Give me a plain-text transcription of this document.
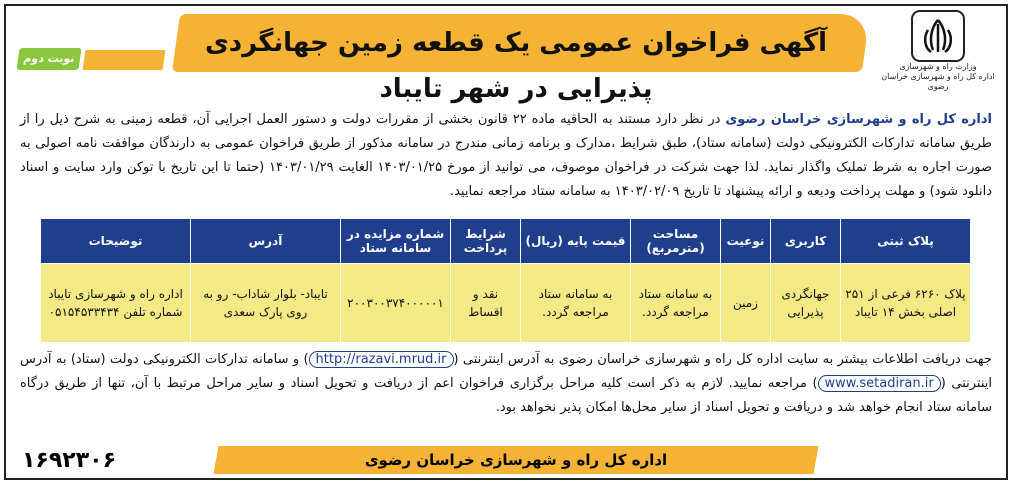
آگهی فراخوان عمومی یک قطعه زمین جهانگردی پذیرایی در شهر تایباد
نوبت دوم
وزارت راه و شهرسازی
اداره کل راه و شهرسازی خراسان رضوی
اداره کل راه و شهرسازی خراسان رضوی در نظر دارد مستند به الحاقیه ماده ۲۲ قانون بخشی از مقررات دولت و دستور العمل اجرایی آن، قطعه زمینی به شرح ذیل را از طریق سامانه تدارکات الکترونیکی دولت (سامانه ستاد)، طبق شرایط ،مدارک و برنامه زمانی مندرج در سامانه مذکور از طریق فراخوان عمومی به دارندگان موافقت نامه اصولی به صورت اجاره به شرط تملیک واگذار نماید. لذا جهت شرکت در فراخوان موصوف، می توانید از مورخ ۱۴۰۳/۰۱/۲۵ الغایت ۱۴۰۳/۰۱/۲۹ (حتما تا این تاریخ با توکن وارد سایت و اسناد دانلود شود) و مهلت پرداخت ودیعه و ارائه پیشنهاد تا تاریخ ۱۴۰۳/۰۲/۰۹ به سامانه ستاد مراجعه نمایید.
پلاک ثبتی	کاربری	نوعیت	مساحت (مترمربع)	قیمت پایه (ریال)	شرایط پرداخت	شماره مزایده در سامانه ستاد	آدرس	توضیحات
پلاک ۶۲۶۰ فرعی از ۲۵۱ اصلی بخش ۱۴ تایباد	جهانگردی پذیرایی	زمین	به سامانه ستاد مراجعه گردد.	به سامانه ستاد مراجعه گردد.	نقد و اقساط	۲۰۰۳۰۰۳۷۴۰۰۰۰۰۱	تایباد- بلوار شاداب- رو به روی پارک سعدی	اداره راه و شهرسازی تایباد شماره تلفن ۰۵۱۵۴۵۳۳۴۳۴
جهت دریافت اطلاعات بیشتر به سایت اداره کل راه و شهرسازی خراسان رضوی به آدرس اینترنتی (http://razavi.mrud.ir) و سامانه تدارکات الکترونیکی دولت (ستاد) به آدرس اینترنتی (www.setadiran.ir) مراجعه نمایید. لازم به ذکر است کلیه مراحل برگزاری فراخوان اعم از دریافت و تحویل اسناد و سایر مراحل مرتبط با آن، تنها از طریق درگاه سامانه ستاد انجام خواهد شد و دریافت و تحویل اسناد از سایر محل‌ها امکان پذیر نخواهد بود.
اداره کل راه و شهرسازی خراسان رضوی
۱۶۹۲۳۰۶
